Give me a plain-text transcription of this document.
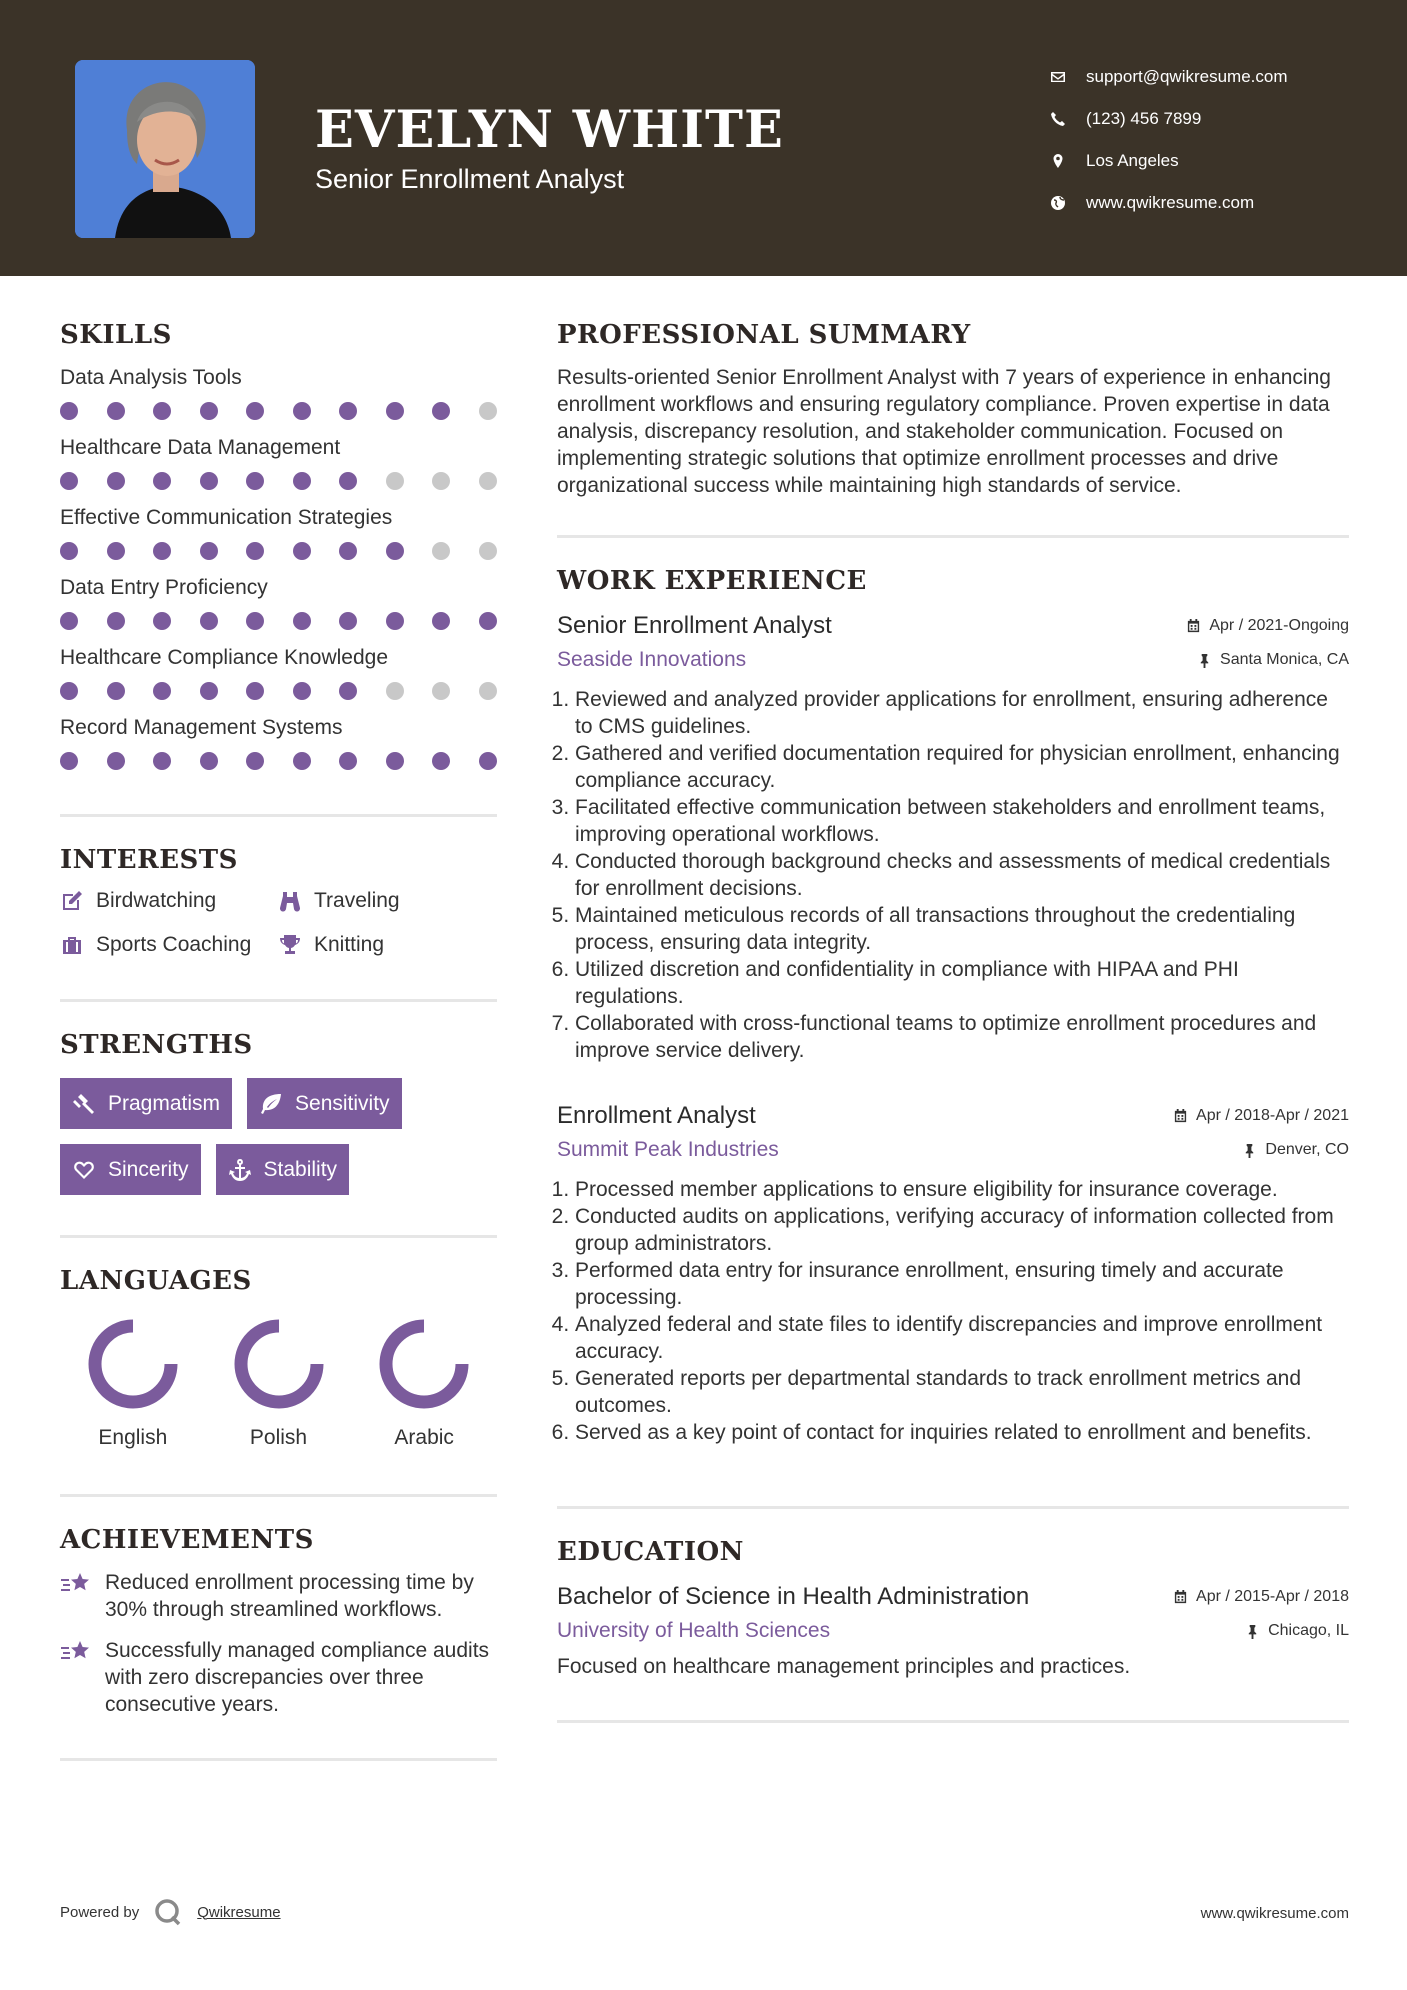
EVELYN WHITE
Senior Enrollment Analyst
support@qwikresume.com
(123) 456 7899
Los Angeles
www.qwikresume.com
SKILLS
Data Analysis Tools
Healthcare Data Management
Effective Communication Strategies
Data Entry Proficiency
Healthcare Compliance Knowledge
Record Management Systems
INTERESTS
Birdwatching	Traveling
Sports Coaching	Knitting
STRENGTHS
Pragmatism	Sensitivity
Sincerity	Stability
LANGUAGES
English	Polish	Arabic
ACHIEVEMENTS
Reduced enrollment processing time by 30% through streamlined workflows.
Successfully managed compliance audits with zero discrepancies over three consecutive years.
PROFESSIONAL SUMMARY
Results-oriented Senior Enrollment Analyst with 7 years of experience in enhancing enrollment workflows and ensuring regulatory compliance. Proven expertise in data analysis, discrepancy resolution, and stakeholder communication. Focused on implementing strategic solutions that optimize enrollment processes and drive organizational success while maintaining high standards of service.
WORK EXPERIENCE
Senior Enrollment Analyst	Apr / 2021-Ongoing
Seaside Innovations	Santa Monica, CA
1. Reviewed and analyzed provider applications for enrollment, ensuring adherence to CMS guidelines.
2. Gathered and verified documentation required for physician enrollment, enhancing compliance accuracy.
3. Facilitated effective communication between stakeholders and enrollment teams, improving operational workflows.
4. Conducted thorough background checks and assessments of medical credentials for enrollment decisions.
5. Maintained meticulous records of all transactions throughout the credentialing process, ensuring data integrity.
6. Utilized discretion and confidentiality in compliance with HIPAA and PHI regulations.
7. Collaborated with cross-functional teams to optimize enrollment procedures and improve service delivery.
Enrollment Analyst	Apr / 2018-Apr / 2021
Summit Peak Industries	Denver, CO
1. Processed member applications to ensure eligibility for insurance coverage.
2. Conducted audits on applications, verifying accuracy of information collected from group administrators.
3. Performed data entry for insurance enrollment, ensuring timely and accurate processing.
4. Analyzed federal and state files to identify discrepancies and improve enrollment accuracy.
5. Generated reports per departmental standards to track enrollment metrics and outcomes.
6. Served as a key point of contact for inquiries related to enrollment and benefits.
EDUCATION
Bachelor of Science in Health Administration	Apr / 2015-Apr / 2018
University of Health Sciences	Chicago, IL
Focused on healthcare management principles and practices.
Powered by	Qwikresume	www.qwikresume.com
